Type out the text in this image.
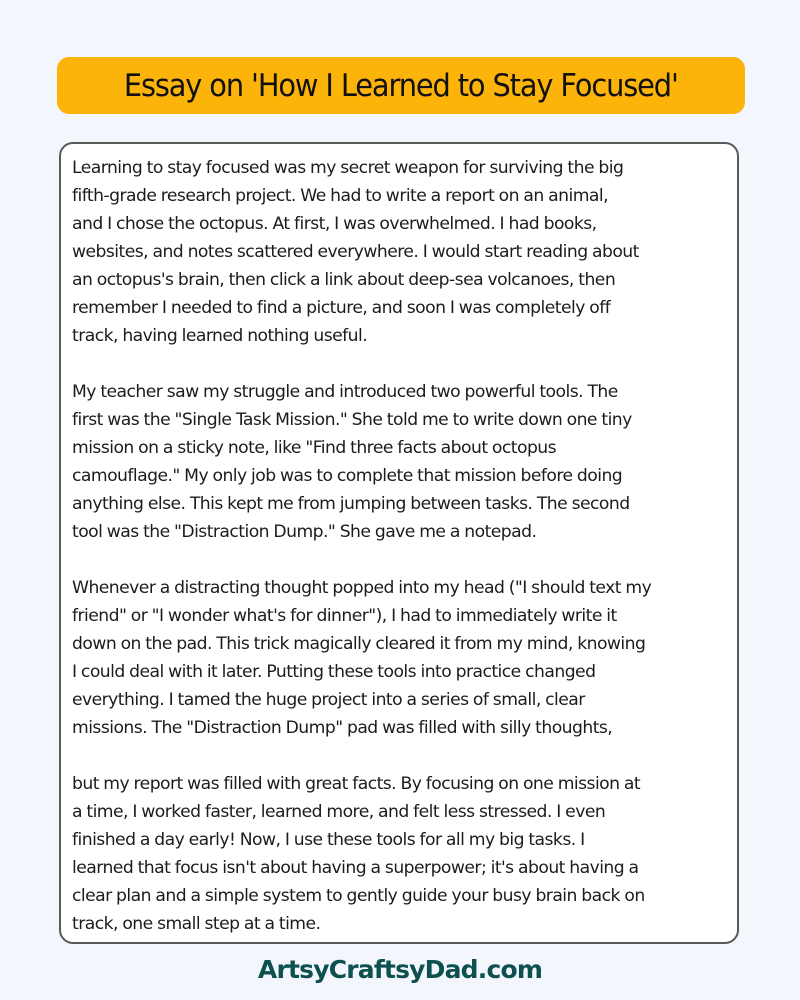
Essay on 'How I Learned to Stay Focused'

Learning to stay focused was my secret weapon for surviving the big
fifth-grade research project. We had to write a report on an animal,
and I chose the octopus. At first, I was overwhelmed. I had books,
websites, and notes scattered everywhere. I would start reading about
an octopus's brain, then click a link about deep-sea volcanoes, then
remember I needed to find a picture, and soon I was completely off
track, having learned nothing useful.

My teacher saw my struggle and introduced two powerful tools. The
first was the "Single Task Mission." She told me to write down one tiny
mission on a sticky note, like "Find three facts about octopus
camouflage." My only job was to complete that mission before doing
anything else. This kept me from jumping between tasks. The second
tool was the "Distraction Dump." She gave me a notepad.

Whenever a distracting thought popped into my head ("I should text my
friend" or "I wonder what's for dinner"), I had to immediately write it
down on the pad. This trick magically cleared it from my mind, knowing
I could deal with it later. Putting these tools into practice changed
everything. I tamed the huge project into a series of small, clear
missions. The "Distraction Dump" pad was filled with silly thoughts,

but my report was filled with great facts. By focusing on one mission at
a time, I worked faster, learned more, and felt less stressed. I even
finished a day early! Now, I use these tools for all my big tasks. I
learned that focus isn't about having a superpower; it's about having a
clear plan and a simple system to gently guide your busy brain back on
track, one small step at a time.

ArtsyCraftsyDad.com
